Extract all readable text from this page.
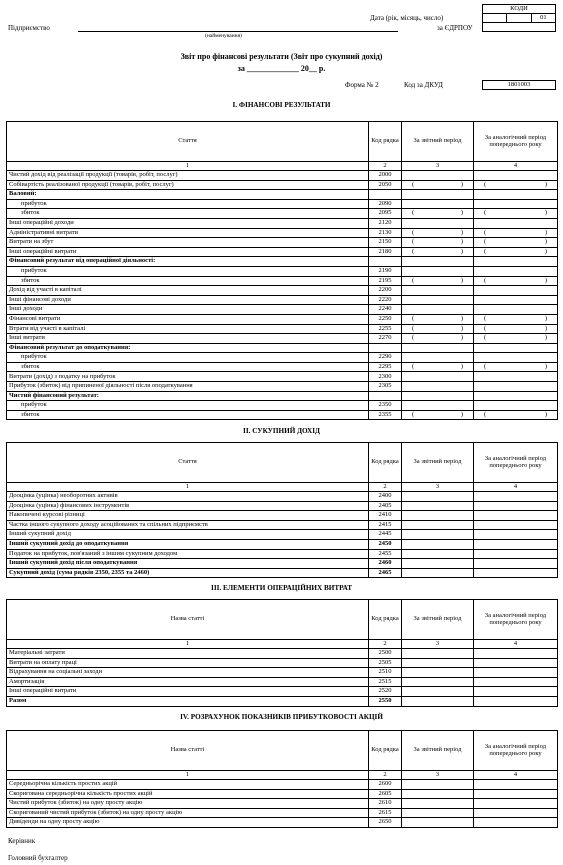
КОДИ
		01

Дата (рік, місяць, число)
Підприємство	за ЄДРПОУ
(найменування)
Звіт про фінансові результати (Звіт про сукупний дохід)
за _____________ 20__ р.
Форма № 2	Код за ДКУД	1801003
I. ФІНАНСОВІ РЕЗУЛЬТАТИ
II. СУКУПНИЙ ДОХІД
III. ЕЛЕМЕНТИ ОПЕРАЦІЙНИХ ВИТРАТ
IV. РОЗРАХУНОК ПОКАЗНИКІВ ПРИБУТКОВОСТІ АКЦІЙ
Стаття	Код рядка	За звітний період	За аналогічний період попереднього року
1	2	3	4
Чистий дохід від реалізації продукції (товарів, робіт, послуг)	2000		
Собівартість реалізованої продукції (товарів, робіт, послуг)	2050	( )	( )

Валовий:			
прибуток	2090		
збиток	2095	( )	( )

Інші операційні доходи	2120		
Адміністративні витрати	2130	( )	( )

Витрати на збут	2150	( )	( )

Інші операційні витрати	2180	( )	( )

Фінансовий результат від операційної діяльності:			
прибуток	2190		
збиток	2195	( )	( )

Дохід від участі в капіталі	2200		
Інші фінансові доходи	2220		
Інші доходи	2240		
Фінансові витрати	2250	( )	( )

Втрати від участі в капіталі	2255	( )	( )

Інші витрати	2270	( )	( )

Фінансовий результат до оподаткування:			
прибуток	2290		
збиток	2295	( )	( )

Витрати (дохід) з податку на прибуток	2300		
Прибуток (збиток) від припиненої діяльності після оподаткування	2305		
Чистий фінансовий результат:			
прибуток	2350		
збиток	2355	( )	( )
Стаття	Код рядка	За звітний період	За аналогічний період попереднього року
1	2	3	4
Дооцінка (уцінка) необоротних активів	2400		
Дооцінка (уцінка) фінансових інструментів	2405		
Накопичені курсові різниці	2410		
Частка іншого сукупного доходу асоційованих та спільних підприємств	2415		
Інший сукупний дохід	2445		
Інший сукупний дохід до оподаткування	2450		
Податок на прибуток, пов'язаний з іншим сукупним доходом	2455		
Інший сукупний дохід після оподаткування	2460		
Сукупний дохід (сума рядків 2350, 2355 та 2460)	2465		
Назва статті	Код рядка	За звітний період	За аналогічний період попереднього року
1	2	3	4
Матеріальні затрати	2500		
Витрати на оплату праці	2505		
Відрахування на соціальні заходи	2510		
Амортизація	2515		
Інші операційні витрати	2520		
Разом	2550		
Назва статті	Код рядка	За звітний період	За аналогічний період попереднього року
1	2	3	4
Середньорічна кількість простих акцій	2600		
Скоригована середньорічна кількість простих акцій	2605		
Чистий прибуток (збиток) на одну просту акцію	2610		
Скоригований чистий прибуток (збиток) на одну просту акцію	2615		
Дивіденди на одну просту акцію	2650		
Керівник
Головний бухгалтер
